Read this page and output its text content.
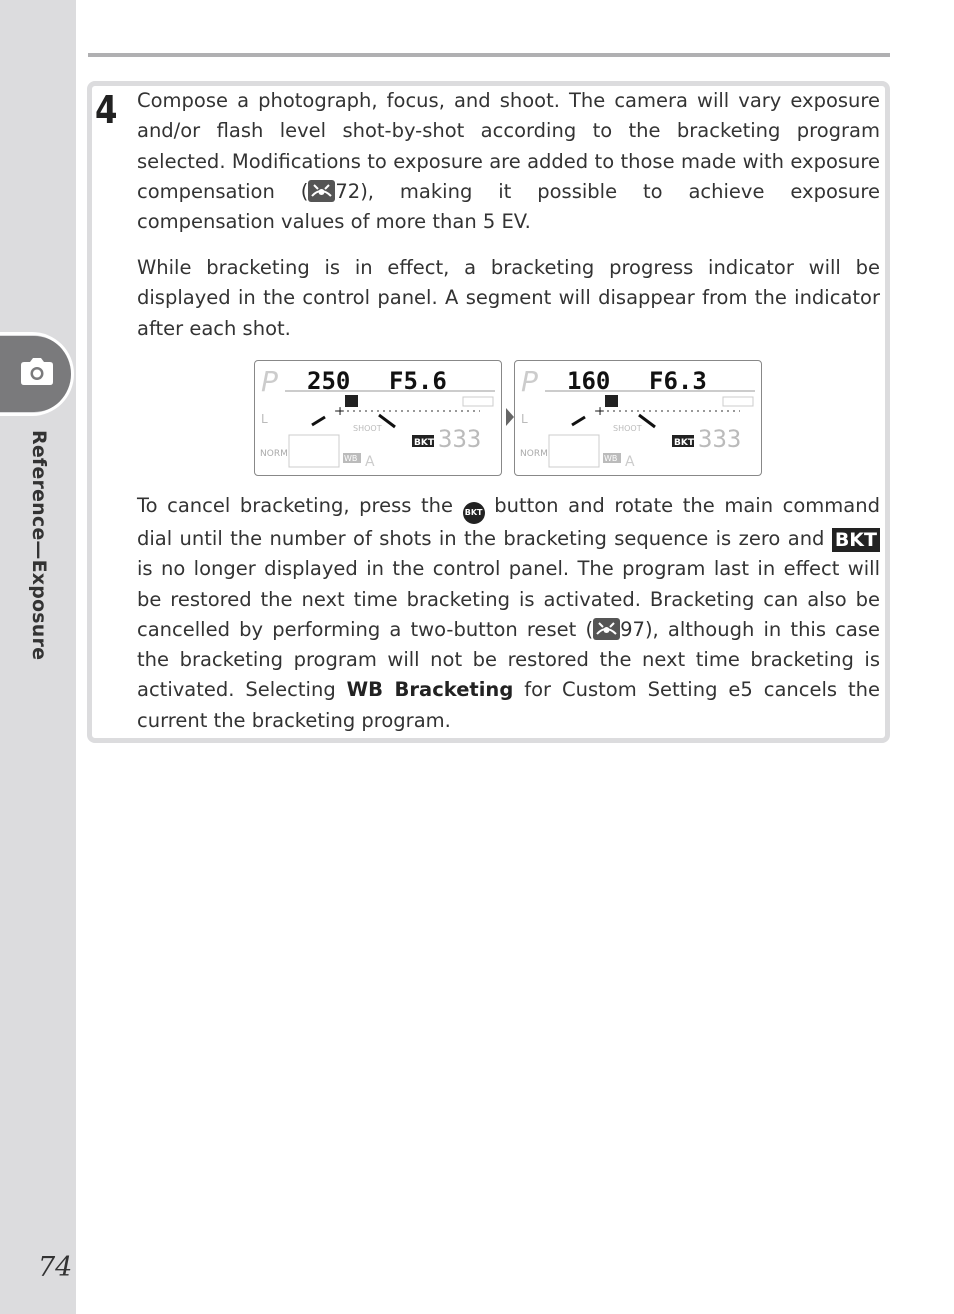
Reference—Exposure
74
4 Compose a photograph, focus, and shoot. The camera will vary exposure and/or flash level shot-by-shot according to the bracketing program selected. Modifications to exposure are added to those made with exposure compensation ( 72), making it possible to achieve exposure compensation values of more than 5 EV.

While bracketing is in effect, a bracketing progress indicator will be displayed in the control panel. A segment will disappear from the indicator after each shot.

P 250 F5.6
+
L
SHOOT
BKT 333
NORM	WB A
P 160 F6.3
+
L
SHOOT
BKT 333
NORM	WB A

To cancel bracketing, press the BKT button and rotate the main command dial until the number of shots in the bracketing sequence is zero and BKT is no longer displayed in the control panel. The program last in effect will be restored the next time bracketing is activated. Bracketing can also be cancelled by performing a two-button reset ( 97), although in this case the bracketing program will not be restored the next time bracketing is activated. Selecting WB Bracketing for Custom Setting e5 cancels the current the bracketing program.
